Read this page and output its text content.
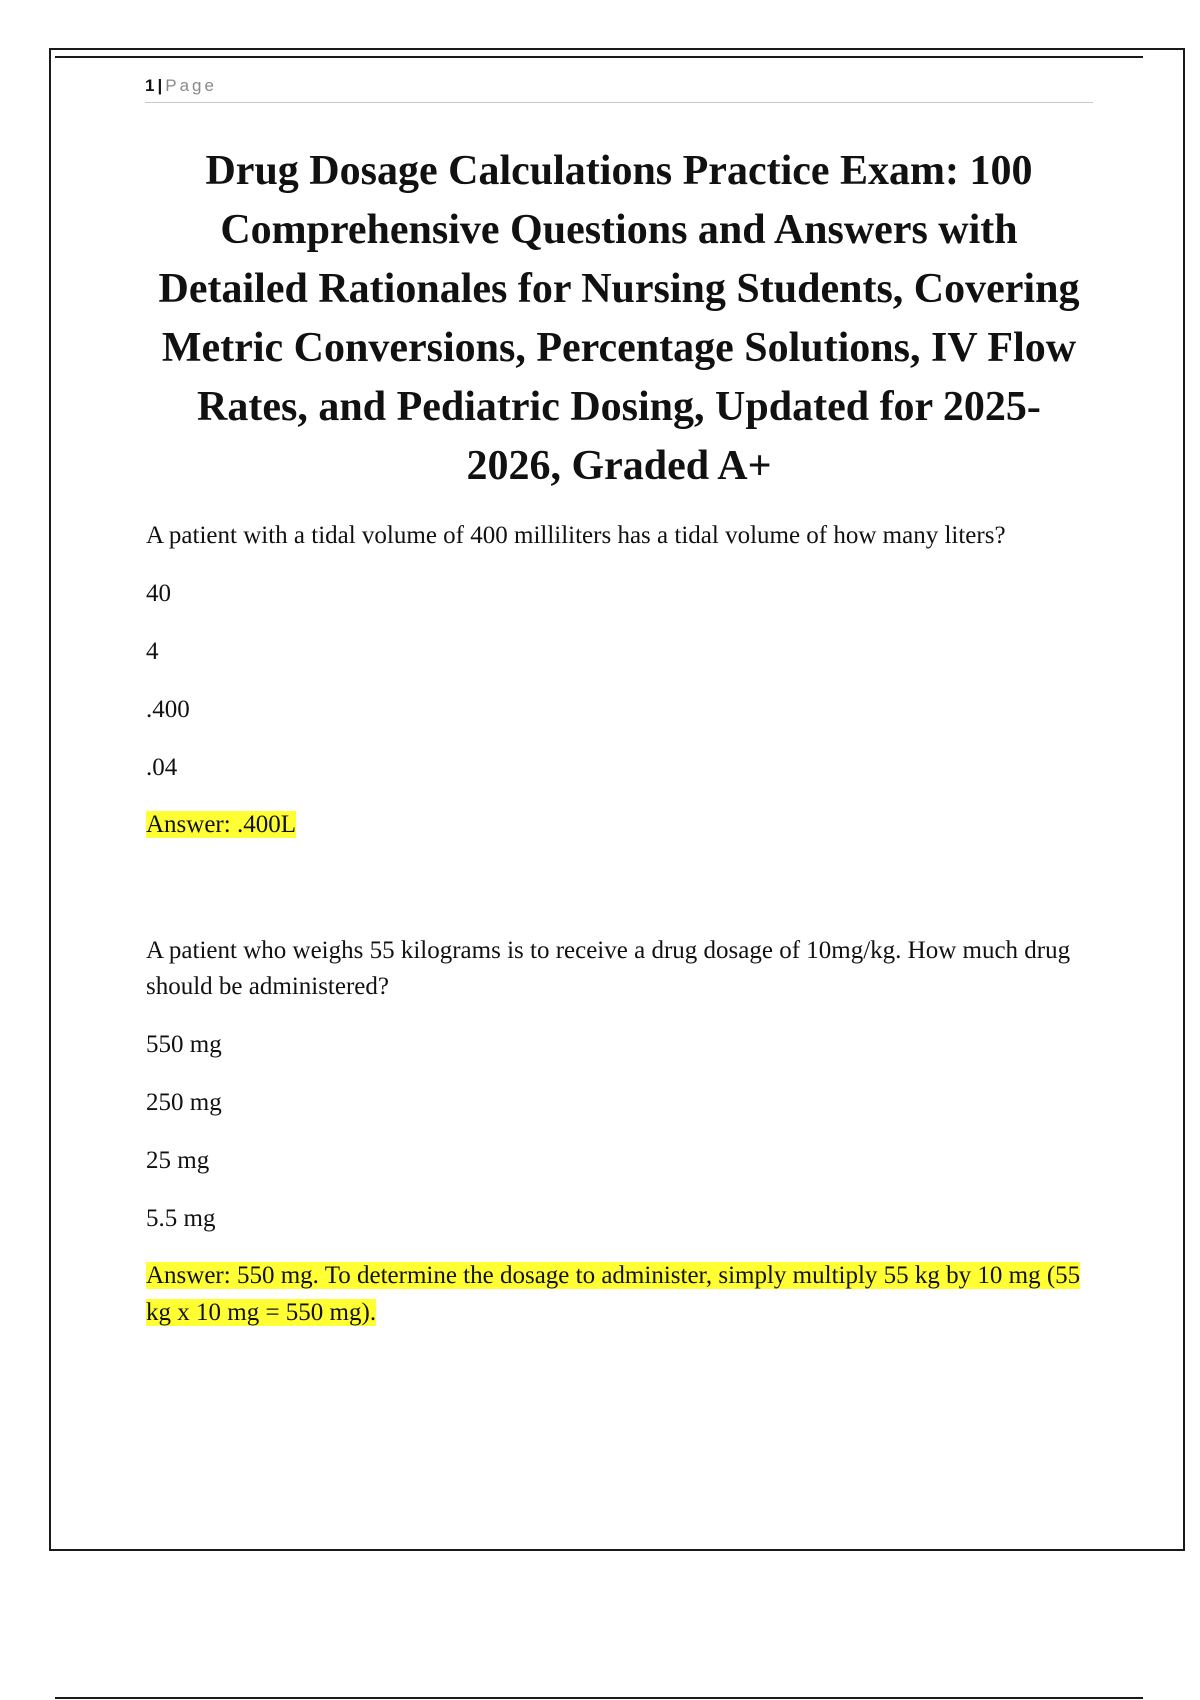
1 | Page
Drug Dosage Calculations Practice Exam: 100 Comprehensive Questions and Answers with Detailed Rationales for Nursing Students, Covering Metric Conversions, Percentage Solutions, IV Flow Rates, and Pediatric Dosing, Updated for 2025-2026, Graded A+

A patient with a tidal volume of 400 milliliters has a tidal volume of how many liters?

40
4
.400
.04
Answer: .400L

A patient who weighs 55 kilograms is to receive a drug dosage of 10mg/kg. How much drug should be administered?

550 mg
250 mg
25 mg
5.5 mg
Answer: 550 mg. To determine the dosage to administer, simply multiply 55 kg by 10 mg (55 kg x 10 mg = 550 mg).
